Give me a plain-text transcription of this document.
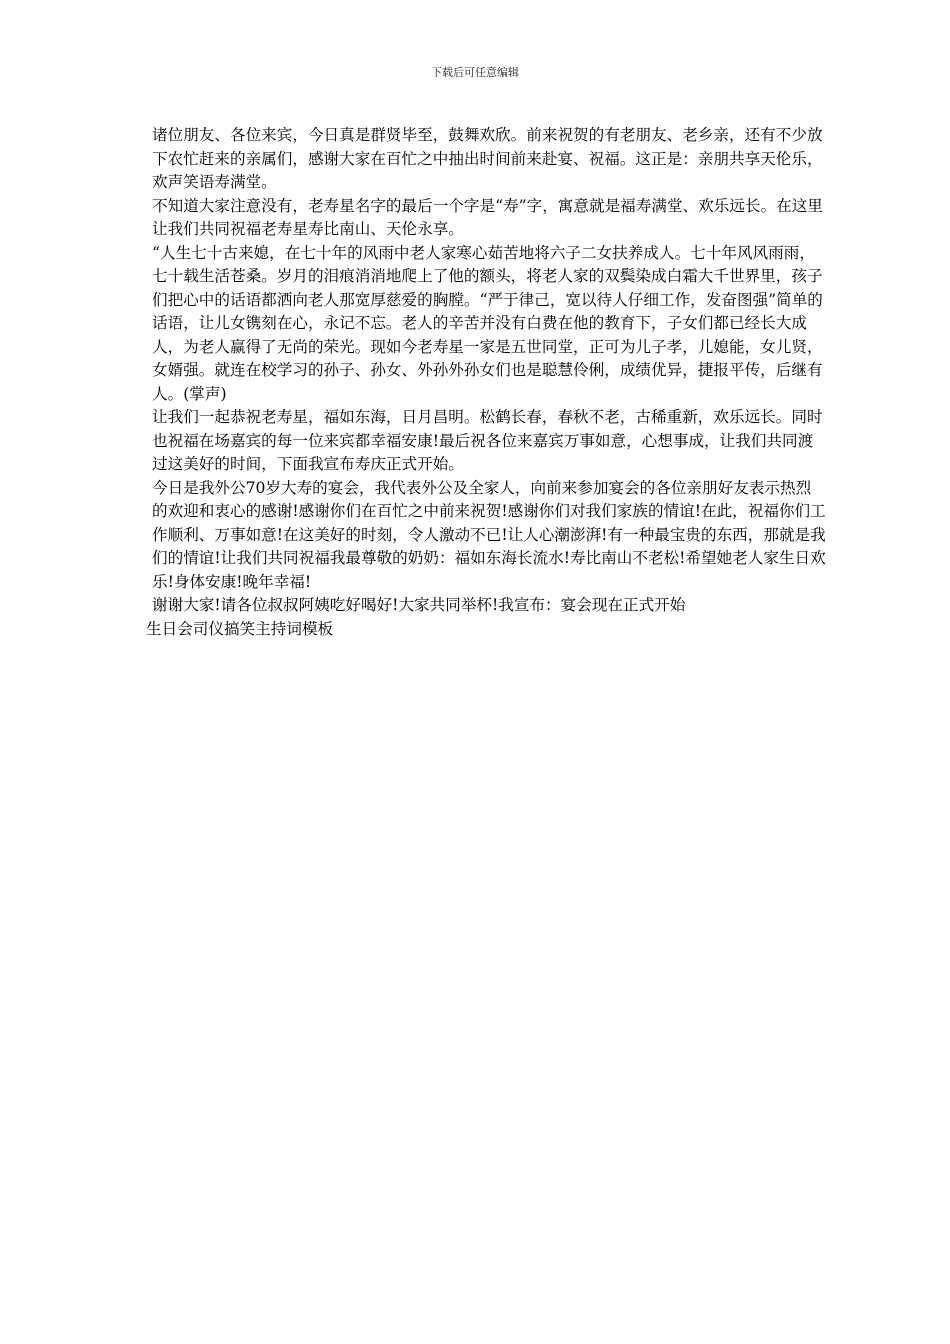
下载后可任意编辑

诸位朋友、各位来宾，今日真是群贤毕至，鼓舞欢欣。前来祝贺的有老朋友、老乡亲，还有不少放下农忙赶来的亲属们，感谢大家在百忙之中抽出时间前来赴宴、祝福。这正是：亲朋共享天伦乐，欢声笑语寿满堂。

不知道大家注意没有，老寿星名字的最后一个字是“寿”字，寓意就是福寿满堂、欢乐远长。在这里让我们共同祝福老寿星寿比南山、天伦永享。

“人生七十古来媳，在七十年的风雨中老人家寒心茹苦地将六子二女扶养成人。七十年风风雨雨，七十载生活苍桑。岁月的泪痕消消地爬上了他的额头，将老人家的双鬓染成白霜大千世界里，孩子们把心中的话语都洒向老人那宽厚慈爱的胸膛。“严于律己，宽以待人仔细工作，发奋图强”简单的话语，让儿女镌刻在心，永记不忘。老人的辛苦并没有白费在他的教育下，子女们都已经长大成人，为老人赢得了无尚的荣光。现如今老寿星一家是五世同堂，正可为儿子孝，儿媳能，女儿贤，女婿强。就连在校学习的孙子、孙女、外孙外孙女们也是聪慧伶俐，成绩优异，捷报平传，后继有人。(掌声)

让我们一起恭祝老寿星，福如东海，日月昌明。松鹤长春，春秋不老，古稀重新，欢乐远长。同时也祝福在场嘉宾的每一位来宾都幸福安康!最后祝各位来嘉宾万事如意，心想事成，让我们共同渡过这美好的时间，下面我宣布寿庆正式开始。

今日是我外公70岁大寿的宴会，我代表外公及全家人，向前来参加宴会的各位亲朋好友表示热烈的欢迎和衷心的感谢!感谢你们在百忙之中前来祝贺!感谢你们对我们家族的情谊!在此，祝福你们工作顺利、万事如意!在这美好的时刻，令人激动不已!让人心潮澎湃!有一种最宝贵的东西，那就是我们的情谊!让我们共同祝福我最尊敬的奶奶：福如东海长流水!寿比南山不老松!希望她老人家生日欢乐!身体安康!晚年幸福!

谢谢大家!请各位叔叔阿姨吃好喝好!大家共同举杯!我宣布：宴会现在正式开始

生日会司仪搞笑主持词模板
